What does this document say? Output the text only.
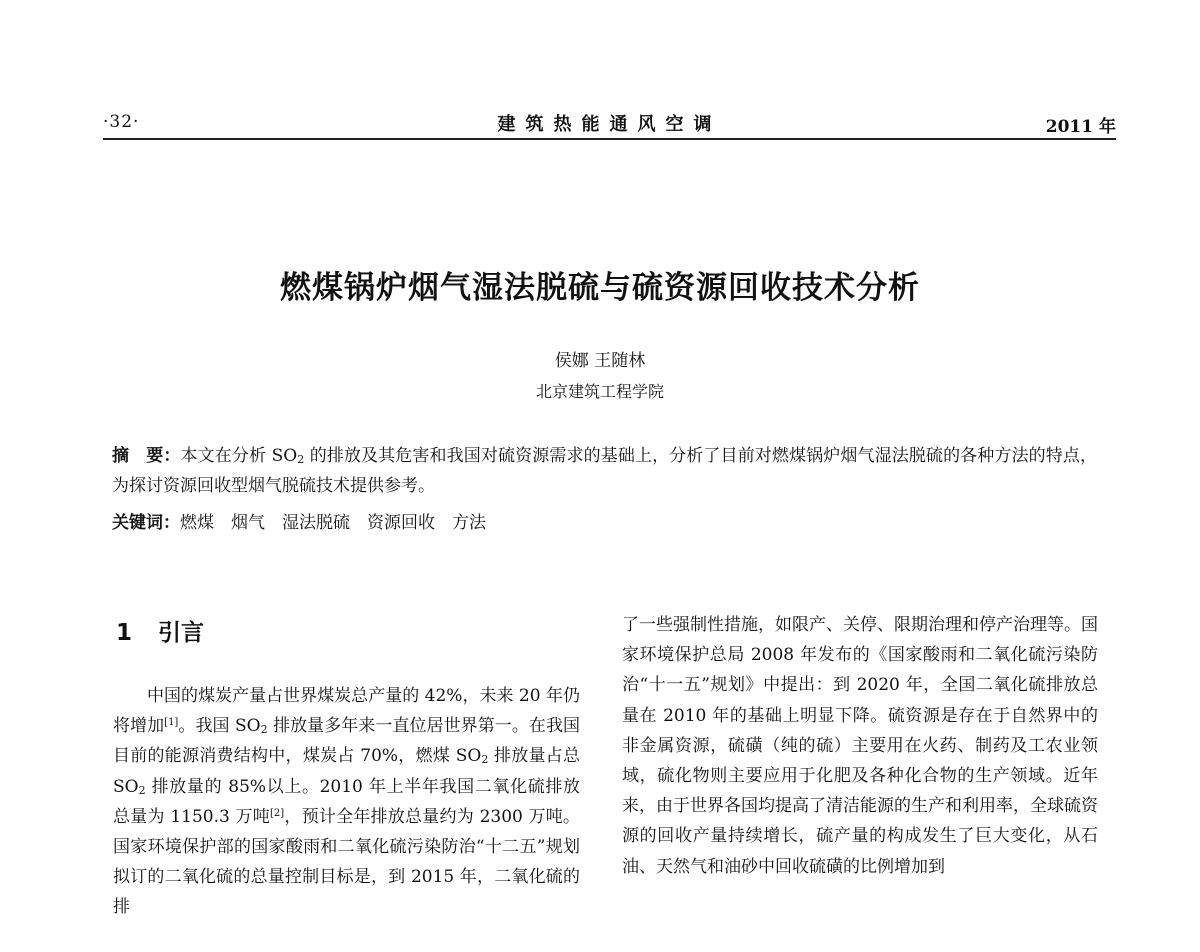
·32·	建筑热能通风空调	2011 年
燃煤锅炉烟气湿法脱硫与硫资源回收技术分析
侯娜 王随林
北京建筑工程学院
摘　要：本文在分析 $SO_2$ 的排放及其危害和我国对硫资源需求的基础上，分析了目前对燃煤锅炉烟气湿法脱硫的各种方法的特点，为探讨资源回收型烟气脱硫技术提供参考。
关键词：燃煤　烟气　湿法脱硫　资源回收　方法
1 引言

中国的煤炭产量占世界煤炭总产量的 42%，未来 20 年仍将增加[1]。我国 $SO_2$ 排放量多年来一直位居世界第一。在我国目前的能源消费结构中，煤炭占 70%，燃煤 $SO_2$ 排放量占总 $SO_2$ 排放量的 85%以上。2010 年上半年我国二氧化硫排放总量为 1150.3 万吨[2]，预计全年排放总量约为 2300 万吨。国家环境保护部的国家酸雨和二氧化硫污染防治“十二五”规划拟订的二氧化硫的总量控制目标是，到 2015 年，二氧化硫的排

了一些强制性措施，如限产、关停、限期治理和停产治理等。国家环境保护总局 2008 年发布的《国家酸雨和二氧化硫污染防治“十一五”规划》中提出：到 2020 年，全国二氧化硫排放总量在 2010 年的基础上明显下降。硫资源是存在于自然界中的非金属资源，硫磺（纯的硫）主要用在火药、制药及工农业领域，硫化物则主要应用于化肥及各种化合物的生产领域。近年来，由于世界各国均提高了清洁能源的生产和利用率，全球硫资源的回收产量持续增长，硫产量的构成发生了巨大变化，从石油、天然气和油砂中回收硫磺的比例增加到
